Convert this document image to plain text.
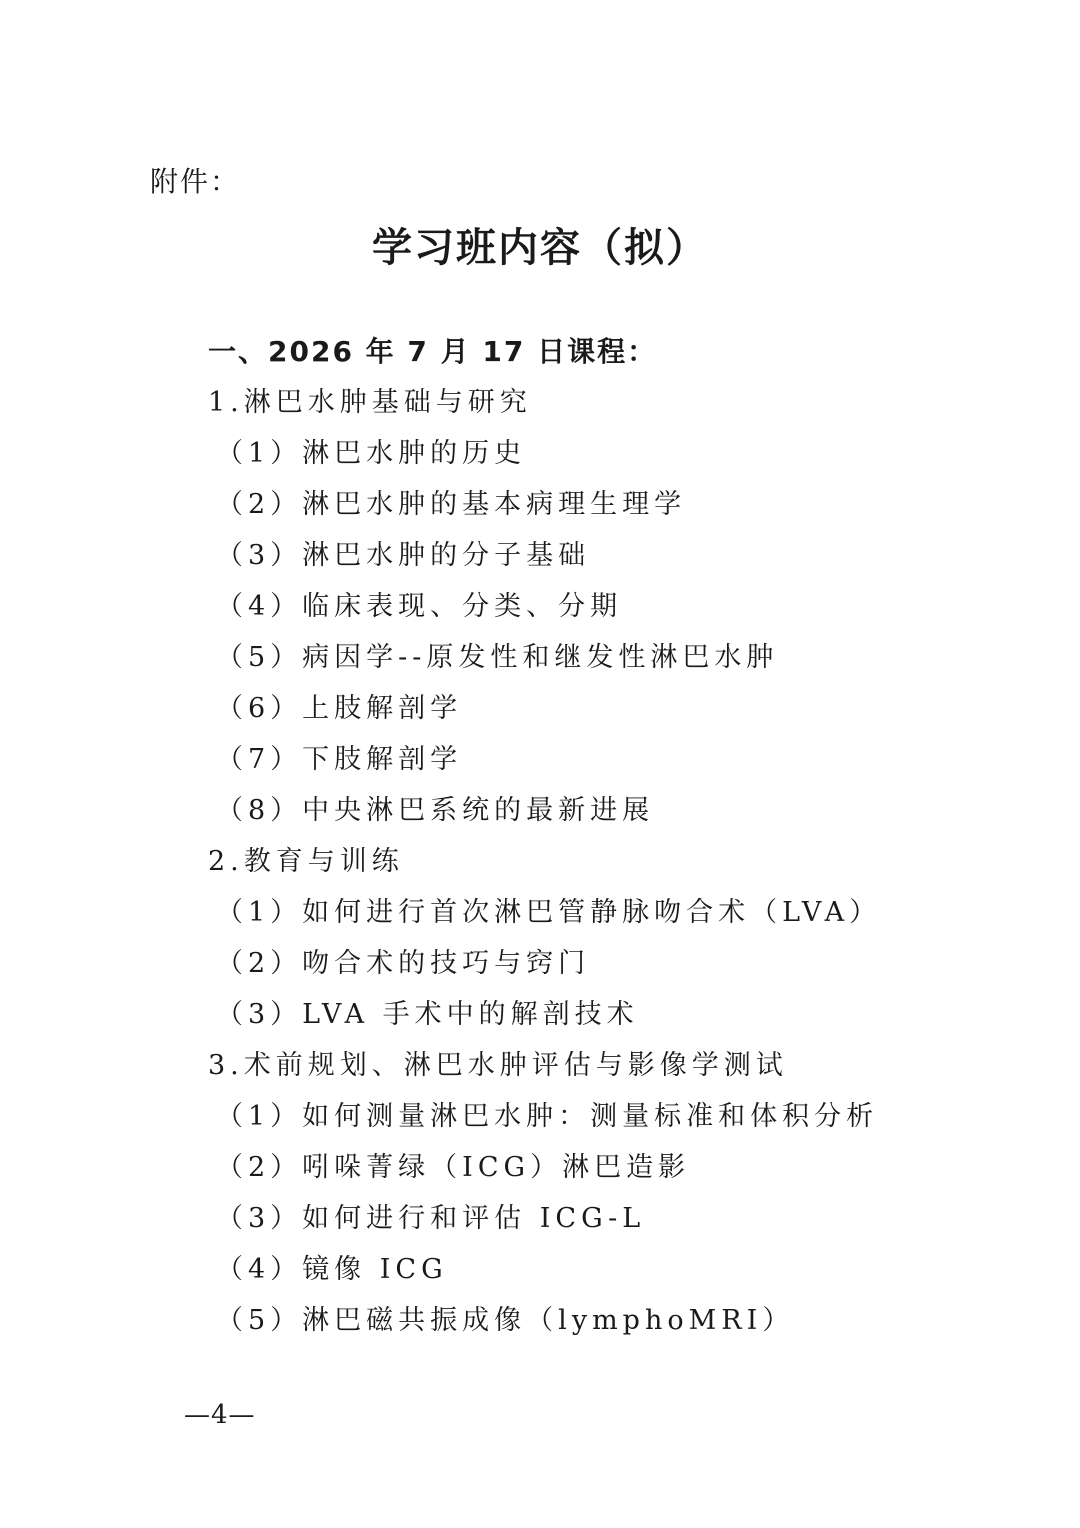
附件：
学习班内容（拟）
一、2026 年 7 月 17 日课程：
1.淋巴水肿基础与研究
（1）淋巴水肿的历史
（2）淋巴水肿的基本病理生理学
（3）淋巴水肿的分子基础
（4）临床表现、分类、分期
（5）病因学--原发性和继发性淋巴水肿
（6）上肢解剖学
（7）下肢解剖学
（8）中央淋巴系统的最新进展
2.教育与训练
（1）如何进行首次淋巴管静脉吻合术（LVA）
（2）吻合术的技巧与窍门
（3）LVA 手术中的解剖技术
3.术前规划、淋巴水肿评估与影像学测试
（1）如何测量淋巴水肿：测量标准和体积分析
（2）吲哚菁绿（ICG）淋巴造影
（3）如何进行和评估 ICG-L
（4）镜像 ICG
（5）淋巴磁共振成像（lymphoMRI）
—4—
